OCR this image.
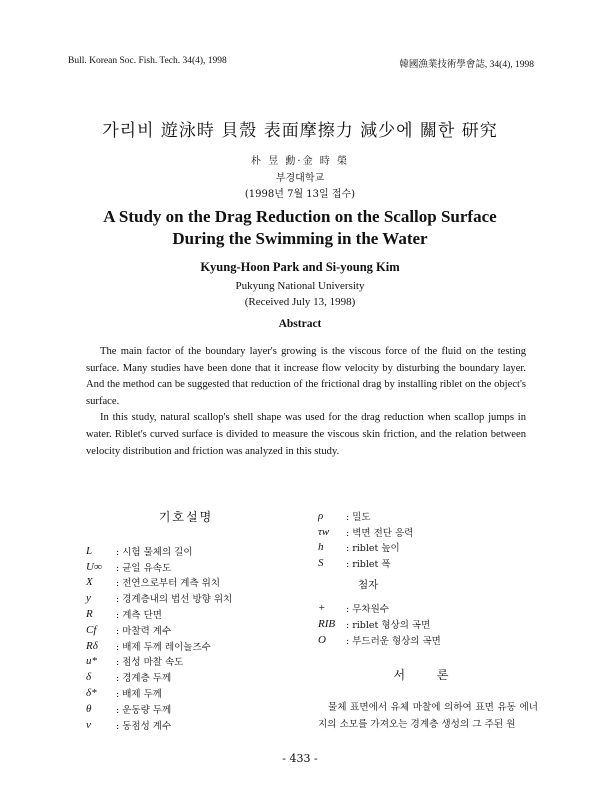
Bull. Korean Soc. Fish. Tech. 34(4), 1998	韓國漁業技術學會誌, 34(4), 1998
가리비 遊泳時 貝殼 表面摩擦力 減少에 關한 研究
朴 昱 勳·金 時 榮
부경대학교
(1998년 7월 13일 접수)
A Study on the Drag Reduction on the Scallop Surface
During the Swimming in the Water
Kyung-Hoon Park and Si-young Kim
Pukyung National University
(Received July 13, 1998)
Abstract

The main factor of the boundary layer's growing is the viscous force of the fluid on the testing surface. Many studies have been done that it increase flow velocity by disturbing the boundary layer. And the method can be suggested that reduction of the frictional drag by installing riblet on the object's surface.

In this study, natural scallop's shell shape was used for the drag reduction when scallop jumps in water. Riblet's curved surface is divided to measure the viscous skin friction, and the relation between velocity distribution and friction was analyzed in this study.

기호설명
L	: 시험 물체의 길이
U∞	: 균일 유속도
X	: 전연으로부터 계측 위치
y	: 경계층내의 법선 방향 위치
R	: 계측 단면
Cf	: 마찰력 계수
Rδ	: 배제 두께 레이놀즈수
u*	: 점성 마찰 속도
δ	: 경계층 두께
δ*	: 배제 두께
θ	: 운동량 두께
ν	: 동점성 계수
ρ	: 밀도
τw	: 벽면 전단 응력
h	: riblet 높이
S	: riblet 폭
첨자
+	: 무차원수
RIB	: riblet 형상의 곡면
O	: 부드러운 형상의 곡면
서 론
물체 표면에서 유체 마찰에 의하여 표면 유동 에너지의 소모를 가져오는 경계층 생성의 그 주된 원
- 433 -
